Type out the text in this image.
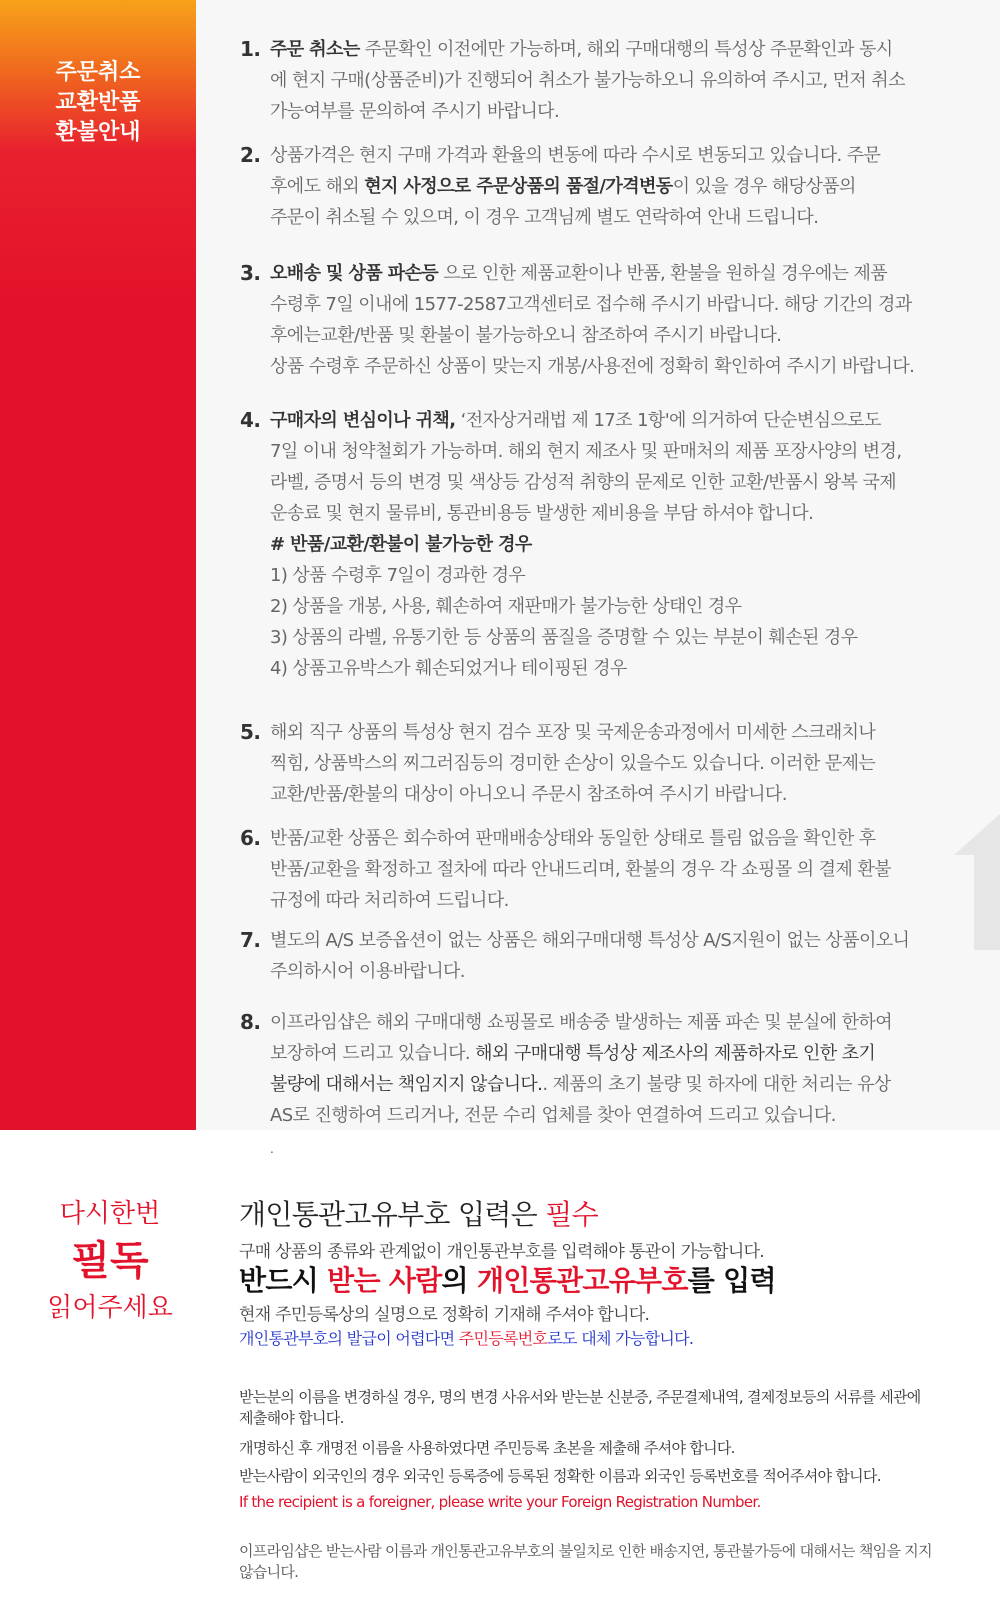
주문취소
교환반품
환불안내
1. 주문 취소는 주문확인 이전에만 가능하며, 해외 구매대행의 특성상 주문확인과 동시
에 현지 구매(상품준비)가 진행되어 취소가 불가능하오니 유의하여 주시고, 먼저 취소
가능여부를 문의하여 주시기 바랍니다.
2. 상품가격은 현지 구매 가격과 환율의 변동에 따라 수시로 변동되고 있습니다. 주문
후에도 해외 현지 사정으로 주문상품의 품절/가격변동이 있을 경우 해당상품의
주문이 취소될 수 있으며, 이 경우 고객님께 별도 연락하여 안내 드립니다.
3. 오배송 및 상품 파손등 으로 인한 제품교환이나 반품, 환불을 원하실 경우에는 제품
수령후 7일 이내에 1577-2587고객센터로 접수해 주시기 바랍니다. 해당 기간의 경과
후에는교환/반품 및 환불이 불가능하오니 참조하여 주시기 바랍니다.
상품 수령후 주문하신 상품이 맞는지 개봉/사용전에 정확히 확인하여 주시기 바랍니다.
4. 구매자의 변심이나 귀책, ‘전자상거래법 제 17조 1항'에 의거하여 단순변심으로도
7일 이내 청약철회가 가능하며. 해외 현지 제조사 및 판매처의 제품 포장사양의 변경,
라벨, 증명서 등의 변경 및 색상등 감성적 취향의 문제로 인한 교환/반품시 왕복 국제
운송료 및 현지 물류비, 통관비용등 발생한 제비용을 부담 하셔야 합니다.
# 반품/교환/환불이 불가능한 경우
1) 상품 수령후 7일이 경과한 경우
2) 상품을 개봉, 사용, 훼손하여 재판매가 불가능한 상태인 경우
3) 상품의 라벨, 유통기한 등 상품의 품질을 증명할 수 있는 부분이 훼손된 경우
4) 상품고유박스가 훼손되었거나 테이핑된 경우
5. 해외 직구 상품의 특성상 현지 검수 포장 및 국제운송과정에서 미세한 스크래치나
찍힘, 상품박스의 찌그러짐등의 경미한 손상이 있을수도 있습니다. 이러한 문제는
교환/반품/환불의 대상이 아니오니 주문시 참조하여 주시기 바랍니다.
6. 반품/교환 상품은 회수하여 판매배송상태와 동일한 상태로 틀림 없음을 확인한 후
반품/교환을 확정하고 절차에 따라 안내드리며, 환불의 경우 각 쇼핑몰 의 결제 환불
규정에 따라 처리하여 드립니다.
7. 별도의 A/S 보증옵션이 없는 상품은 해외구매대행 특성상 A/S지원이 없는 상품이오니
주의하시어 이용바랍니다.
8. 이프라임샵은 해외 구매대행 쇼핑몰로 배송중 발생하는 제품 파손 및 분실에 한하여
보장하여 드리고 있습니다. 해외 구매대행 특성상 제조사의 제품하자로 인한 초기
불량에 대해서는 책임지지 않습니다.. 제품의 초기 불량 및 하자에 대한 처리는 유상
AS로 진행하여 드리거나, 전문 수리 업체를 찾아 연결하여 드리고 있습니다.
.
다시한번
필독
읽어주세요
개인통관고유부호 입력은 필수
구매 상품의 종류와 관계없이 개인통관부호를 입력해야 통관이 가능합니다.
반드시 받는 사람의 개인통관고유부호를 입력
현재 주민등록상의 실명으로 정확히 기재해 주셔야 합니다.
개인통관부호의 발급이 어렵다면 주민등록번호로도 대체 가능합니다.
받는분의 이름을 변경하실 경우, 명의 변경 사유서와 받는분 신분증, 주문결제내역, 결제정보등의 서류를 세관에
제출해야 합니다.
개명하신 후 개명전 이름을 사용하였다면 주민등록 초본을 제출해 주셔야 합니다.
받는사람이 외국인의 경우 외국인 등록증에 등록된 정확한 이름과 외국인 등록번호를 적어주셔야 합니다.
If the recipient is a foreigner, please write your Foreign Registration Number.
이프라임샵은 받는사람 이름과 개인통관고유부호의 불일치로 인한 배송지연, 통관불가등에 대해서는 책임을 지지
않습니다.
